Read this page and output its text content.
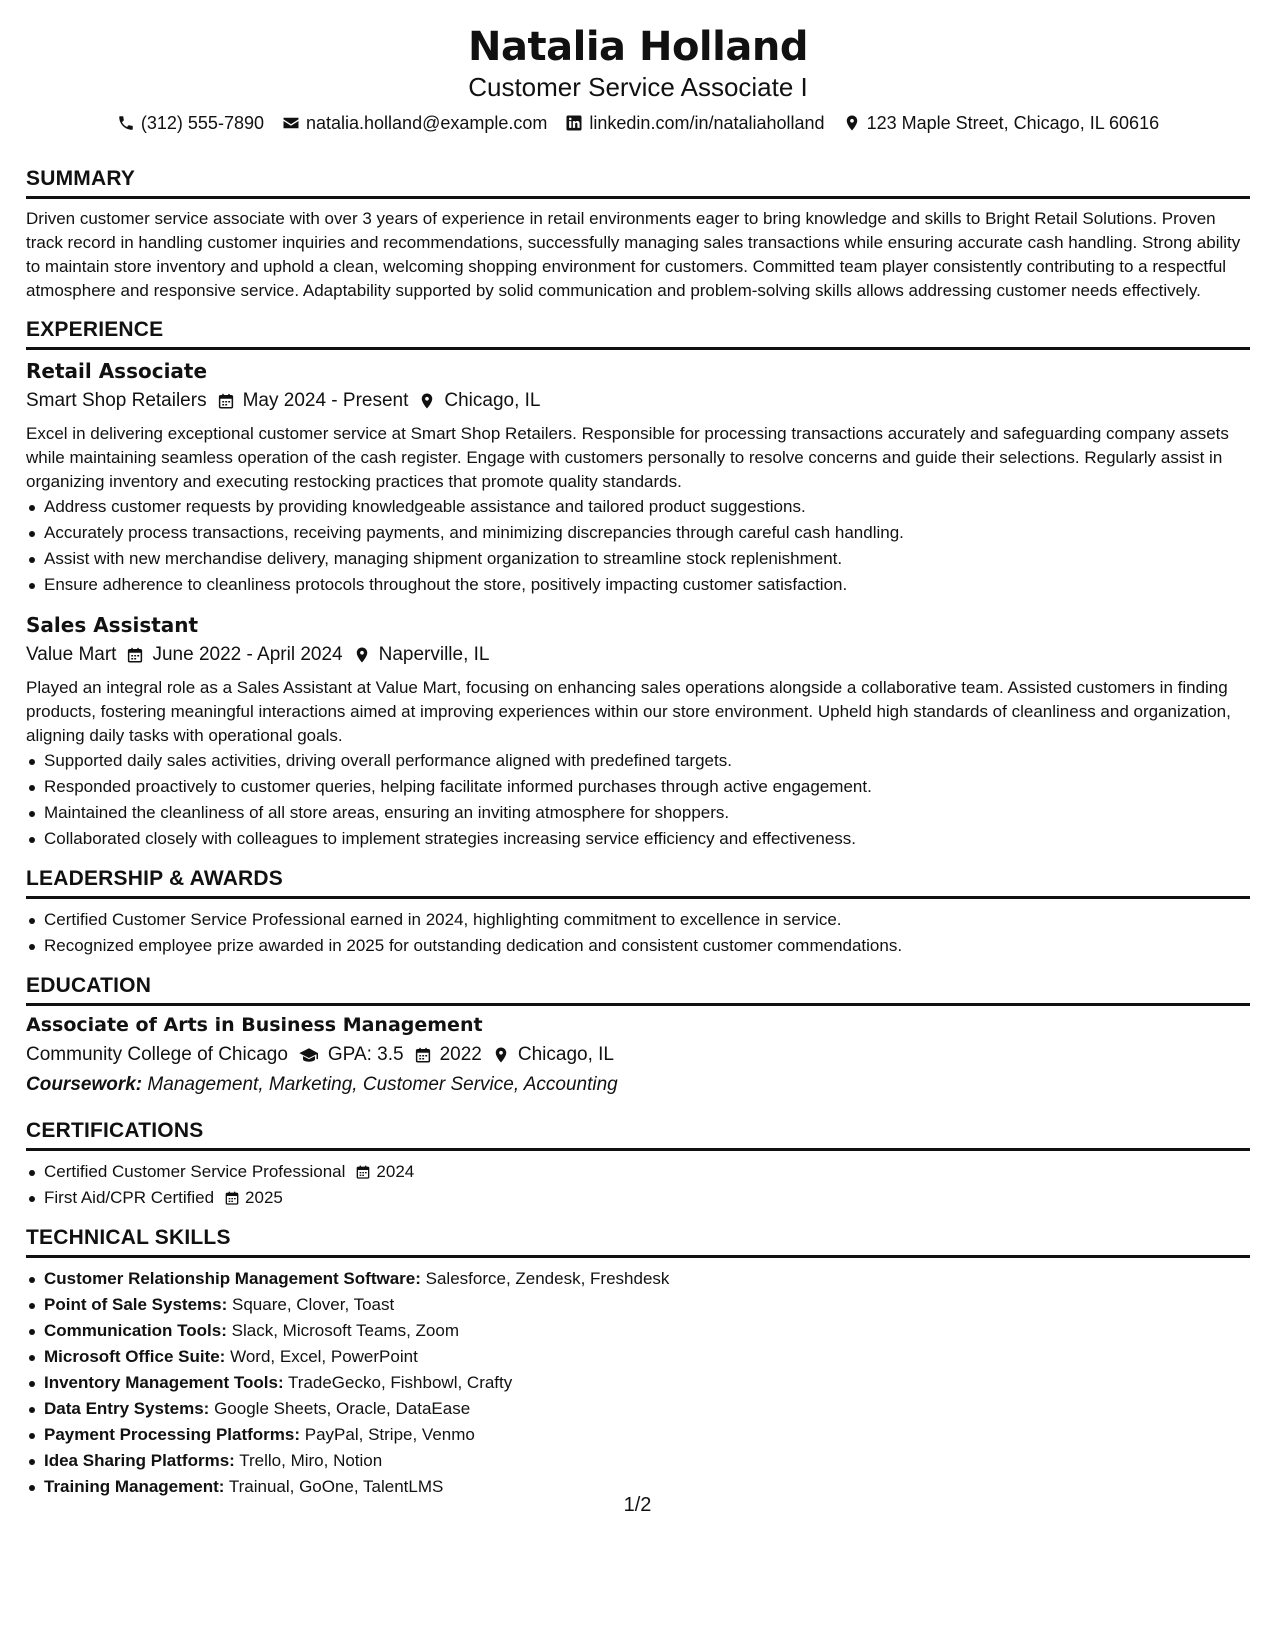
Natalia Holland
Customer Service Associate I
(312) 555-7890 natalia.holland@example.com linkedin.com/in/nataliaholland 123 Maple Street, Chicago, IL 60616
SUMMARY

Driven customer service associate with over 3 years of experience in retail environments eager to bring knowledge and skills to Bright Retail Solutions. Proven track record in handling customer inquiries and recommendations, successfully managing sales transactions while ensuring accurate cash handling. Strong ability to maintain store inventory and uphold a clean, welcoming shopping environment for customers. Committed team player consistently contributing to a respectful atmosphere and responsive service. Adaptability supported by solid communication and problem-solving skills allows addressing customer needs effectively.

EXPERIENCE
Retail Associate
Smart Shop Retailers May 2024 - Present Chicago, IL

Excel in delivering exceptional customer service at Smart Shop Retailers. Responsible for processing transactions accurately and safeguarding company assets while maintaining seamless operation of the cash register. Engage with customers personally to resolve concerns and guide their selections. Regularly assist in organizing inventory and executing restocking practices that promote quality standards.

Address customer requests by providing knowledgeable assistance and tailored product suggestions.
Accurately process transactions, receiving payments, and minimizing discrepancies through careful cash handling.
Assist with new merchandise delivery, managing shipment organization to streamline stock replenishment.
Ensure adherence to cleanliness protocols throughout the store, positively impacting customer satisfaction.
Sales Assistant
Value Mart June 2022 - April 2024 Naperville, IL

Played an integral role as a Sales Assistant at Value Mart, focusing on enhancing sales operations alongside a collaborative team. Assisted customers in finding products, fostering meaningful interactions aimed at improving experiences within our store environment. Upheld high standards of cleanliness and organization, aligning daily tasks with operational goals.

Supported daily sales activities, driving overall performance aligned with predefined targets.
Responded proactively to customer queries, helping facilitate informed purchases through active engagement.
Maintained the cleanliness of all store areas, ensuring an inviting atmosphere for shoppers.
Collaborated closely with colleagues to implement strategies increasing service efficiency and effectiveness.
LEADERSHIP & AWARDS
Certified Customer Service Professional earned in 2024, highlighting commitment to excellence in service.
Recognized employee prize awarded in 2025 for outstanding dedication and consistent customer commendations.
EDUCATION
Associate of Arts in Business Management
Community College of Chicago GPA: 3.5 2022 Chicago, IL
Coursework: Management, Marketing, Customer Service, Accounting
CERTIFICATIONS
Certified Customer Service Professional 2024
First Aid/CPR Certified 2025
TECHNICAL SKILLS
Customer Relationship Management Software: Salesforce, Zendesk, Freshdesk
Point of Sale Systems: Square, Clover, Toast
Communication Tools: Slack, Microsoft Teams, Zoom
Microsoft Office Suite: Word, Excel, PowerPoint
Inventory Management Tools: TradeGecko, Fishbowl, Crafty
Data Entry Systems: Google Sheets, Oracle, DataEase
Payment Processing Platforms: PayPal, Stripe, Venmo
Idea Sharing Platforms: Trello, Miro, Notion
Training Management: Trainual, GoOne, TalentLMS
1/2
